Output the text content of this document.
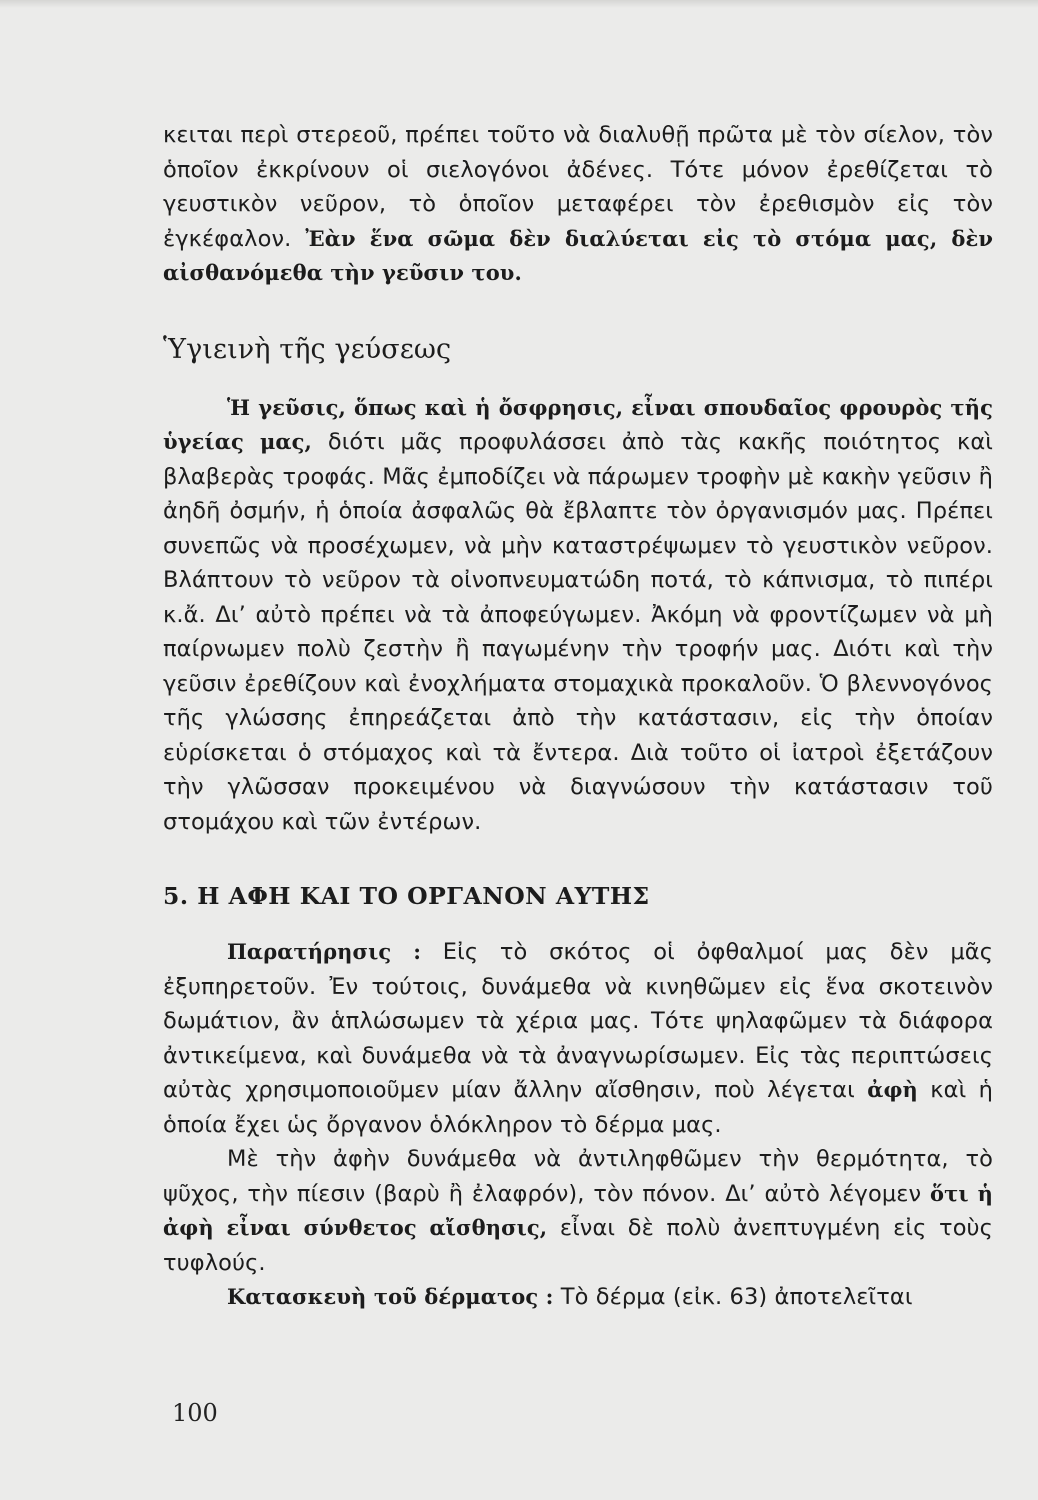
κειται περὶ στερεοῦ, πρέπει τοῦτο νὰ διαλυθῇ πρῶτα μὲ τὸν σίελον, τὸν ὁποῖον ἐκκρίνουν οἱ σιελογόνοι ἀδένες. Τότε μόνον ἐρεθίζεται τὸ γευστικὸν νεῦρον, τὸ ὁποῖον μεταφέρει τὸν ἐρεθισμὸν εἰς τὸν ἐγκέφαλον. Ἐὰν ἕνα σῶμα δὲν διαλύεται εἰς τὸ στόμα μας, δὲν αἰσθανόμεθα τὴν γεῦσιν του.

Ὑγιεινὴ τῆς γεύσεως

Ἡ γεῦσις, ὅπως καὶ ἡ ὄσφρησις, εἶναι σπουδαῖος φρουρὸς τῆς ὑγείας μας, διότι μᾶς προφυλάσσει ἀπὸ τὰς κακῆς ποιότητος καὶ βλαβερὰς τροφάς. Μᾶς ἐμποδίζει νὰ πάρωμεν τροφὴν μὲ κακὴν γεῦσιν ἢ ἀηδῆ ὀσμήν, ἡ ὁποία ἀσφαλῶς θὰ ἔβλαπτε τὸν ὀργανισμόν μας. Πρέπει συνεπῶς νὰ προσέχωμεν, νὰ μὴν καταστρέψωμεν τὸ γευστικὸν νεῦρον. Βλάπτουν τὸ νεῦρον τὰ οἰνοπνευματώδη ποτά, τὸ κάπνισμα, τὸ πιπέρι κ.ἄ. Δι’ αὐτὸ πρέπει νὰ τὰ ἀποφεύγωμεν. Ἀκόμη νὰ φροντίζωμεν νὰ μὴ παίρνωμεν πολὺ ζεστὴν ἢ παγωμένην τὴν τροφήν μας. Διότι καὶ τὴν γεῦσιν ἐρεθίζουν καὶ ἐνοχλήματα στομαχικὰ προκαλοῦν. Ὁ βλεννογόνος τῆς γλώσσης ἐπηρεάζεται ἀπὸ τὴν κατάστασιν, εἰς τὴν ὁποίαν εὑρίσκεται ὁ στόμαχος καὶ τὰ ἔντερα. Διὰ τοῦτο οἱ ἰατροὶ ἐξετάζουν τὴν γλῶσσαν προκειμένου νὰ διαγνώσουν τὴν κατάστασιν τοῦ στομάχου καὶ τῶν ἐντέρων.

5. Η ΑΦΗ ΚΑΙ ΤΟ ΟΡΓΑΝΟΝ ΑΥΤΗΣ

Παρατήρησις : Εἰς τὸ σκότος οἱ ὀφθαλμοί μας δὲν μᾶς ἐξυπηρετοῦν. Ἐν τούτοις, δυνάμεθα νὰ κινηθῶμεν εἰς ἕνα σκοτεινὸν δωμάτιον, ἂν ἁπλώσωμεν τὰ χέρια μας. Τότε ψηλαφῶμεν τὰ διάφορα ἀντικείμενα, καὶ δυνάμεθα νὰ τὰ ἀναγνωρίσωμεν. Εἰς τὰς περιπτώσεις αὐτὰς χρησιμοποιοῦμεν μίαν ἄλλην αἴσθησιν, ποὺ λέγεται ἀφὴ καὶ ἡ ὁποία ἔχει ὡς ὄργανον ὁλόκληρον τὸ δέρμα μας.

Μὲ τὴν ἀφὴν δυνάμεθα νὰ ἀντιληφθῶμεν τὴν θερμότητα, τὸ ψῦχος, τὴν πίεσιν (βαρὺ ἢ ἐλαφρόν), τὸν πόνον. Δι’ αὐτὸ λέγομεν ὅτι ἡ ἀφὴ εἶναι σύνθετος αἴσθησις, εἶναι δὲ πολὺ ἀνεπτυγμένη εἰς τοὺς τυφλούς.

Κατασκευὴ τοῦ δέρματος : Τὸ δέρμα (εἰκ. 63) ἀποτελεῖται

100
